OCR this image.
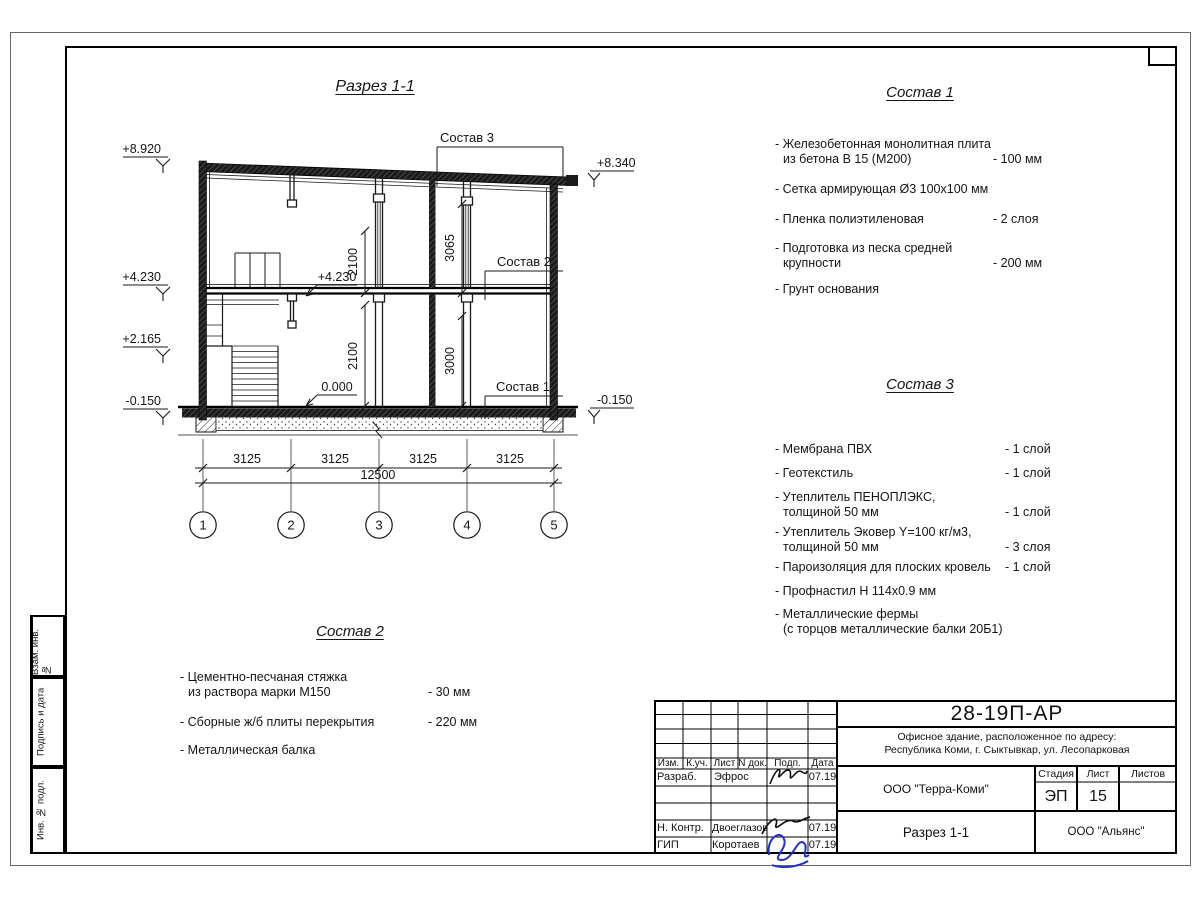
Взам. инв. №
Подпись и дата
Инв. № подл.
Разрез 1-1
3125	3125	3125	3125
12500
2100
3065
2100	3000
1	2	3	4	5
+8.920
+4.230
+2.165
-0.150
+8.340
-0.150
+4.230
0.000
Состав 3
Состав 2
Состав 1
Состав 1
- Железобетонная монолитная плита
из бетона В 15 (М200)	- 100 мм
- Сетка армирующая Ø3 100х100 мм
- Пленка полиэтиленовая	- 2 слоя
- Подготовка из песка средней
крупности	- 200 мм
- Грунт основания
Состав 3
- Мембрана ПВХ	- 1 слой
- Геотекстиль	- 1 слой
- Утеплитель ПЕНОПЛЭКС,
толщиной 50 мм	- 1 слой
- Утеплитель Эковер Y=100 кг/м3,
толщиной 50 мм	- 3 слоя
- Пароизоляция для плоских кровель - 1 слой
- Профнастил Н 114х0.9 мм
- Металлические фермы
(с торцов металлические балки 20Б1)
Состав 2
- Цементно-песчаная стяжка
из раствора марки М150	- 30 мм
- Сборные ж/б плиты перекрытия	- 220 мм
- Металлическая балка
Изм. К.уч. Лист N док. Подп.	Дата
Разраб. Эфрос	07.19
Н. Контр. Двоеглазов	07.19
ГИП	Коротаев	07.19
28-19П-АР
Офисное здание, расположенное по адресу:
Республика Коми, г. Сыктывкар, ул. Лесопарковая
ООО "Терра-Коми"
Стадия	Лист	Листов
ЭП	15
Разрез 1-1	ООО "Альянс"
